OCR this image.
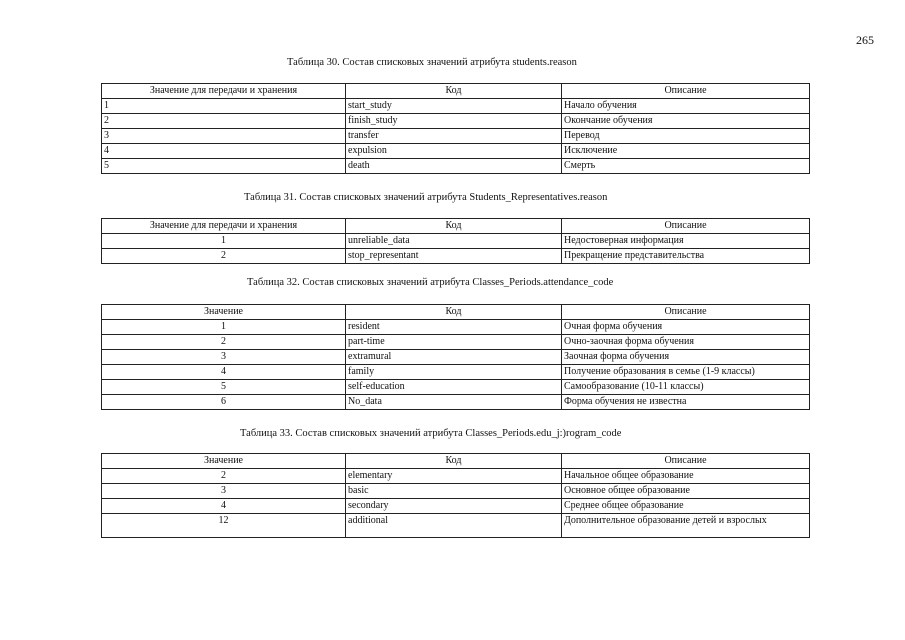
265
Таблица 30. Состав списковых значений атрибута students.reason
Значение для передачи и хранения	Код	Описание
1	start_study	Начало обучения
2	finish_study	Окончание обучения
3	transfer	Перевод
4	expulsion	Исключение
5	death	Смерть
Таблица 31. Состав списковых значений атрибута Students_Representatives.reason
Значение для передачи и хранения	Код	Описание
1	unreliable_data	Недостоверная информация
2	stop_representant	Прекращение представительства
Таблица 32. Состав списковых значений атрибута Classes_Periods.attendance_code
Значение	Код	Описание
1	resident	Очная форма обучения
2	part-time	Очно-заочная форма обучения
3	extramural	Заочная форма обучения
4	family	Получение образования в семье (1-9 классы)
5	self-education	Самообразование (10-11 классы)
6	No_data	Форма обучения не известна
Таблица 33. Состав списковых значений атрибута Classes_Periods.edu_j:)rogram_code
Значение	Код	Описание
2	elementary	Начальное общее образование
3	basic	Основное общее образование
4	secondary	Среднее общее образование
12	additional	Дополнительное образование детей и взрослых
